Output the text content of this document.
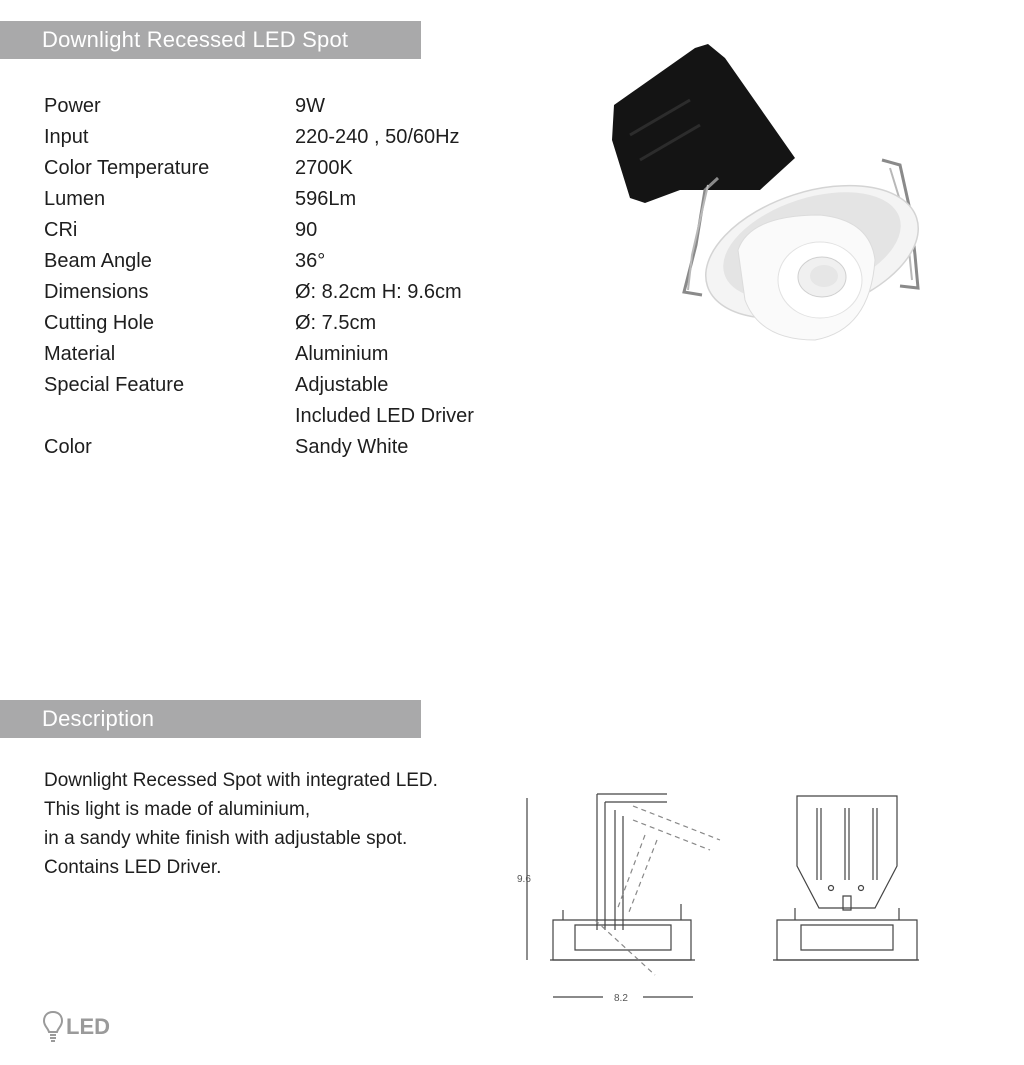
Downlight Recessed LED Spot
Power	9W
Input	220-240 , 50/60Hz
Color Temperature	2700K
Lumen	596Lm
CRi	90
Beam Angle	36°
Dimensions	Ø: 8.2cm H: 9.6cm
Cutting Hole	Ø: 7.5cm
Material	Aluminium
Special Feature	Adjustable
Included LED Driver
Color	Sandy White
Description
Downlight Recessed Spot with integrated LED.
This light is made of aluminium,
in a sandy white finish with adjustable spot.
Contains LED Driver.
9.6
8.2
LED
